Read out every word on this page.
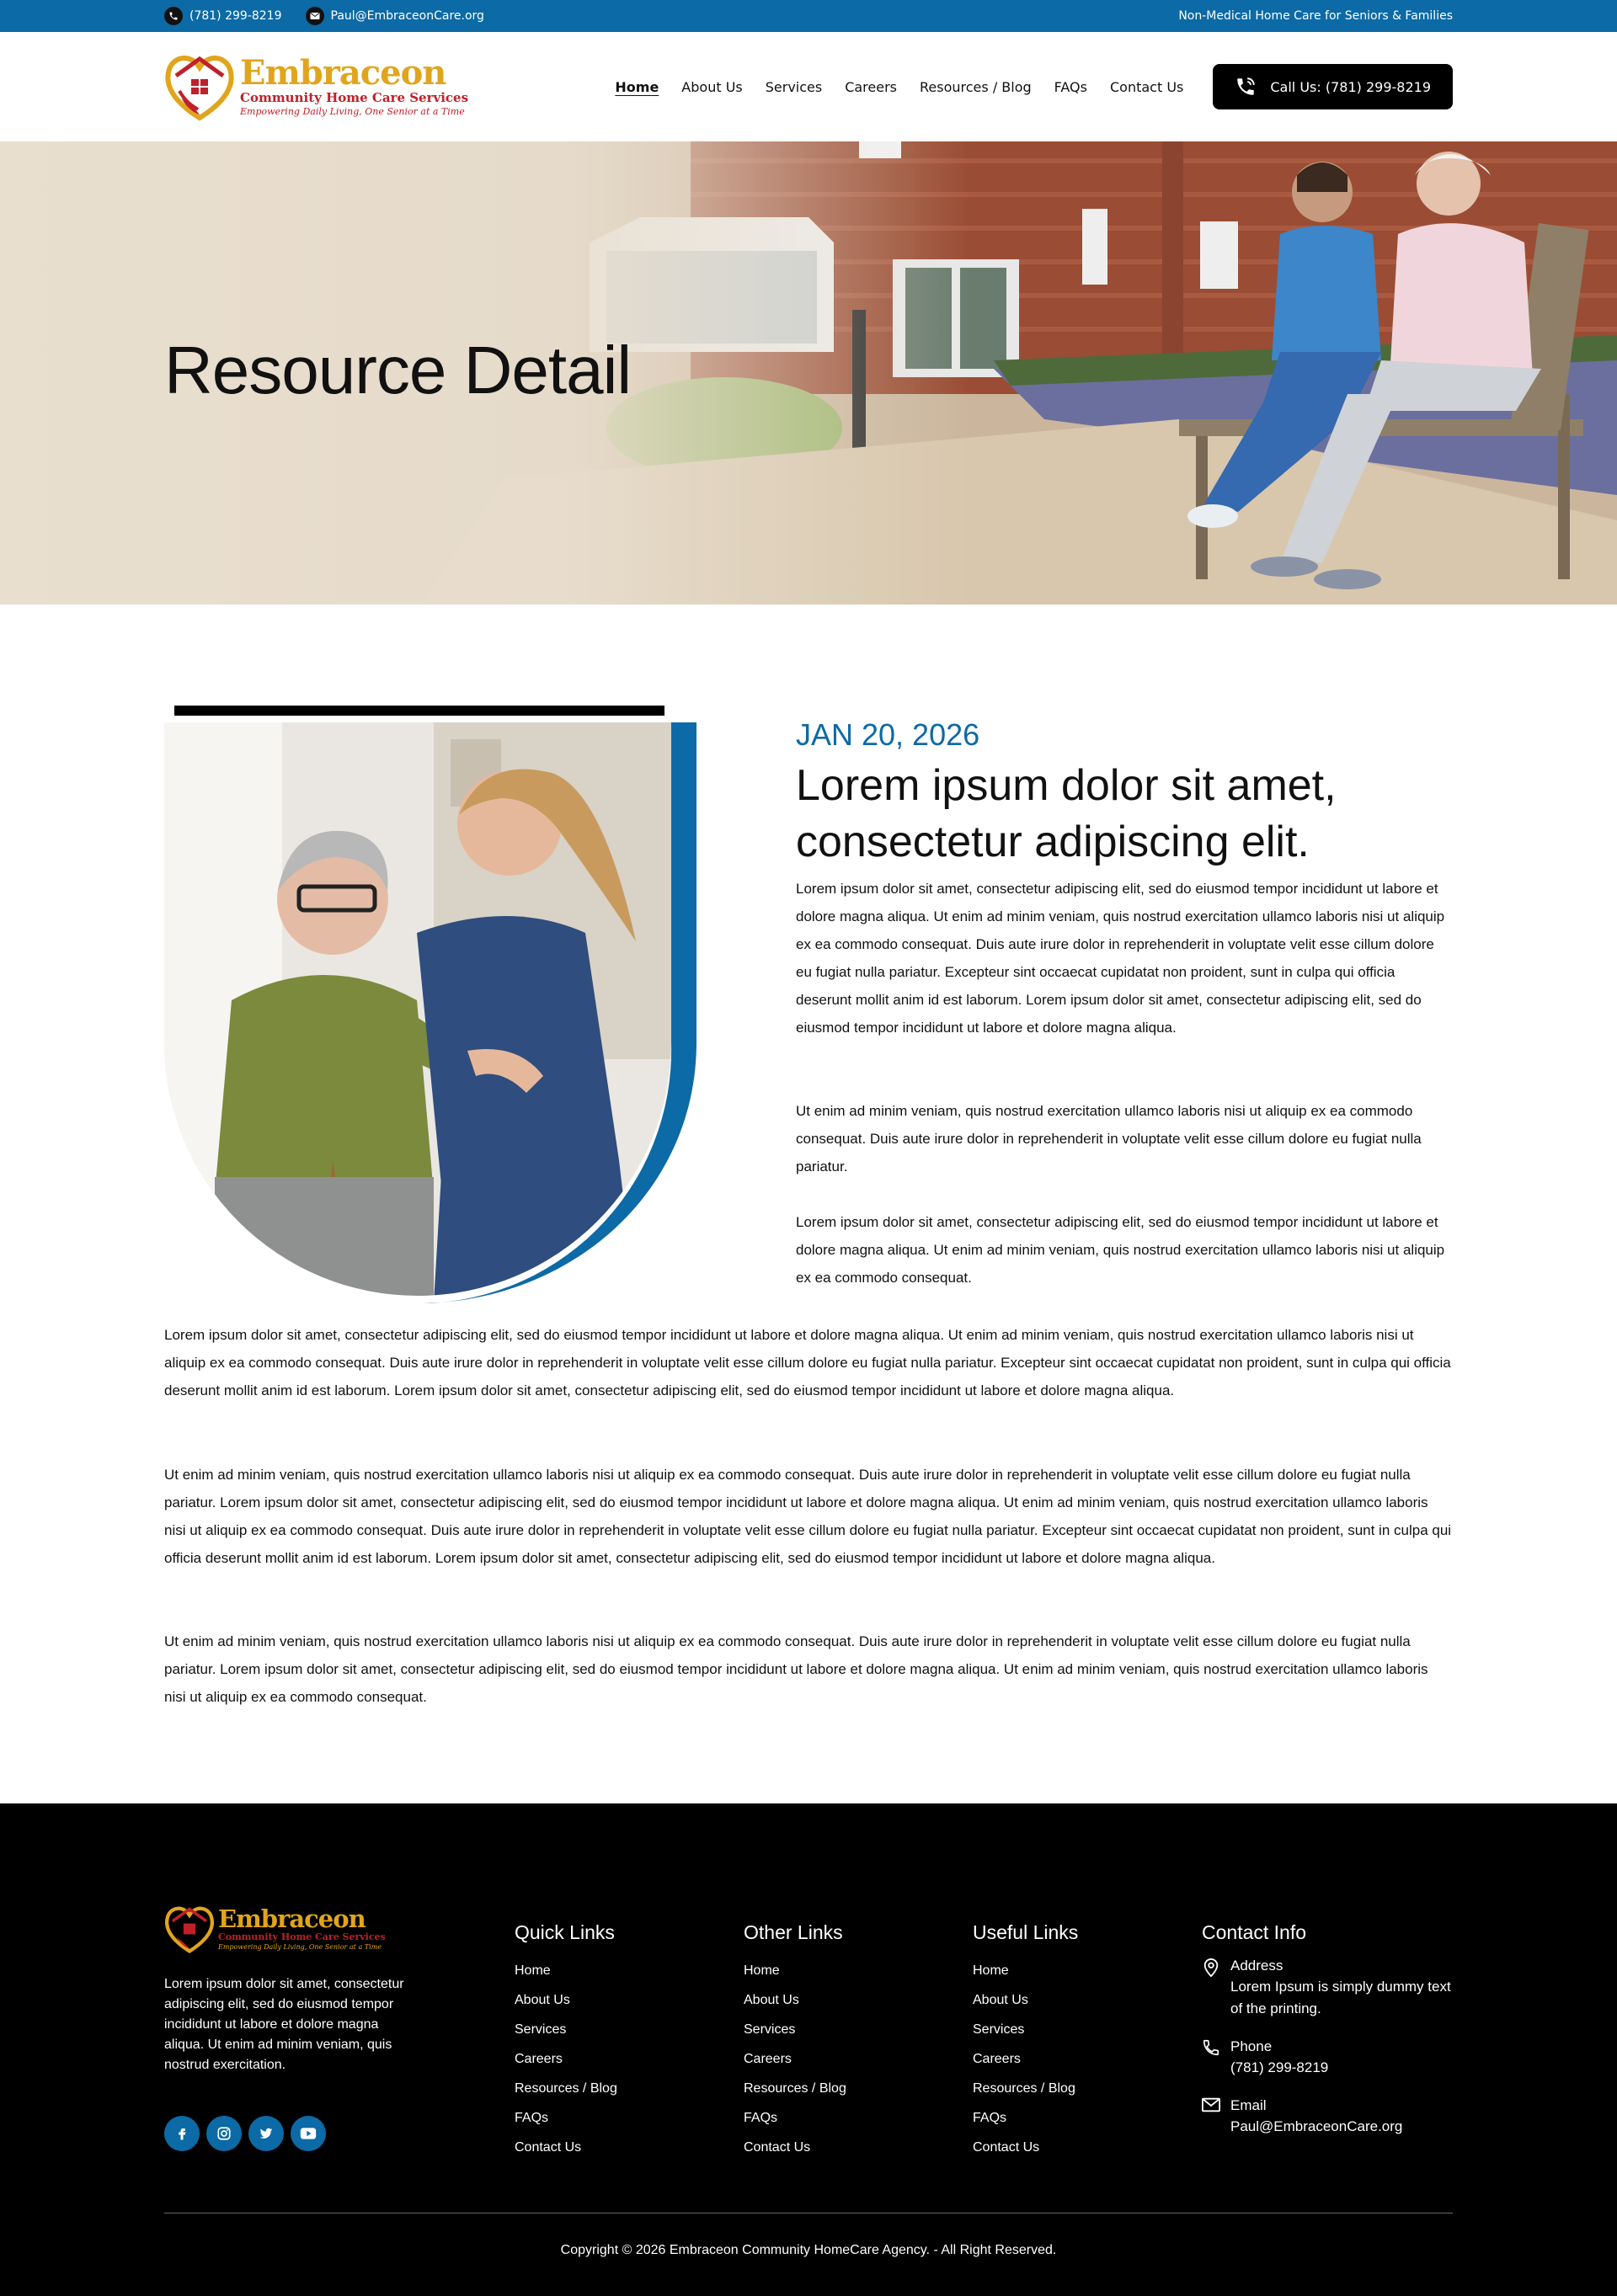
(781) 299-8219	Paul@EmbraceonCare.org	Non-Medical Home Care for Seniors & Families
Embraceon
Community Home Care Services
Empowering Daily Living, One Senior at a Time
Home About Us Services Careers Resources / Blog FAQs Contact Us	Call Us: (781) 299-8219
Resource Detail
JAN 20, 2026
Lorem ipsum dolor sit amet, consectetur adipiscing elit.

Lorem ipsum dolor sit amet, consectetur adipiscing elit, sed do eiusmod tempor incididunt ut labore et dolore magna aliqua. Ut enim ad minim veniam, quis nostrud exercitation ullamco laboris nisi ut aliquip ex ea commodo consequat. Duis aute irure dolor in reprehenderit in voluptate velit esse cillum dolore eu fugiat nulla pariatur. Excepteur sint occaecat cupidatat non proident, sunt in culpa qui officia deserunt mollit anim id est laborum. Lorem ipsum dolor sit amet, consectetur adipiscing elit, sed do eiusmod tempor incididunt ut labore et dolore magna aliqua.

Ut enim ad minim veniam, quis nostrud exercitation ullamco laboris nisi ut aliquip ex ea commodo consequat. Duis aute irure dolor in reprehenderit in voluptate velit esse cillum dolore eu fugiat nulla pariatur.

Lorem ipsum dolor sit amet, consectetur adipiscing elit, sed do eiusmod tempor incididunt ut labore et dolore magna aliqua. Ut enim ad minim veniam, quis nostrud exercitation ullamco laboris nisi ut aliquip ex ea commodo consequat.

Lorem ipsum dolor sit amet, consectetur adipiscing elit, sed do eiusmod tempor incididunt ut labore et dolore magna aliqua. Ut enim ad minim veniam, quis nostrud exercitation ullamco laboris nisi ut aliquip ex ea commodo consequat. Duis aute irure dolor in reprehenderit in voluptate velit esse cillum dolore eu fugiat nulla pariatur. Excepteur sint occaecat cupidatat non proident, sunt in culpa qui officia deserunt mollit anim id est laborum. Lorem ipsum dolor sit amet, consectetur adipiscing elit, sed do eiusmod tempor incididunt ut labore et dolore magna aliqua.

Ut enim ad minim veniam, quis nostrud exercitation ullamco laboris nisi ut aliquip ex ea commodo consequat. Duis aute irure dolor in reprehenderit in voluptate velit esse cillum dolore eu fugiat nulla pariatur. Lorem ipsum dolor sit amet, consectetur adipiscing elit, sed do eiusmod tempor incididunt ut labore et dolore magna aliqua. Ut enim ad minim veniam, quis nostrud exercitation ullamco laboris nisi ut aliquip ex ea commodo consequat. Duis aute irure dolor in reprehenderit in voluptate velit esse cillum dolore eu fugiat nulla pariatur. Excepteur sint occaecat cupidatat non proident, sunt in culpa qui officia deserunt mollit anim id est laborum. Lorem ipsum dolor sit amet, consectetur adipiscing elit, sed do eiusmod tempor incididunt ut labore et dolore magna aliqua.

Ut enim ad minim veniam, quis nostrud exercitation ullamco laboris nisi ut aliquip ex ea commodo consequat. Duis aute irure dolor in reprehenderit in voluptate velit esse cillum dolore eu fugiat nulla pariatur. Lorem ipsum dolor sit amet, consectetur adipiscing elit, sed do eiusmod tempor incididunt ut labore et dolore magna aliqua. Ut enim ad minim veniam, quis nostrud exercitation ullamco laboris nisi ut aliquip ex ea commodo consequat.

Embraceon
Community Home Care Services
Empowering Daily Living, One Senior at a Time
Lorem ipsum dolor sit amet, consectetur adipiscing elit, sed do eiusmod tempor incididunt ut labore et dolore magna aliqua. Ut enim ad minim veniam, quis nostrud exercitation.
Quick Links
Home
About Us
Services
Careers
Resources / Blog
FAQs
Contact Us
Other Links
Home
About Us
Services
Careers
Resources / Blog
FAQs
Contact Us
Useful Links
Home
About Us
Services
Careers
Resources / Blog
FAQs
Contact Us
Contact Info
Address
Lorem Ipsum is simply dummy text of the printing.
Phone
(781) 299-8219
Email
Paul@EmbraceonCare.org
Copyright © 2026 Embraceon Community HomeCare Agency. - All Right Reserved.
